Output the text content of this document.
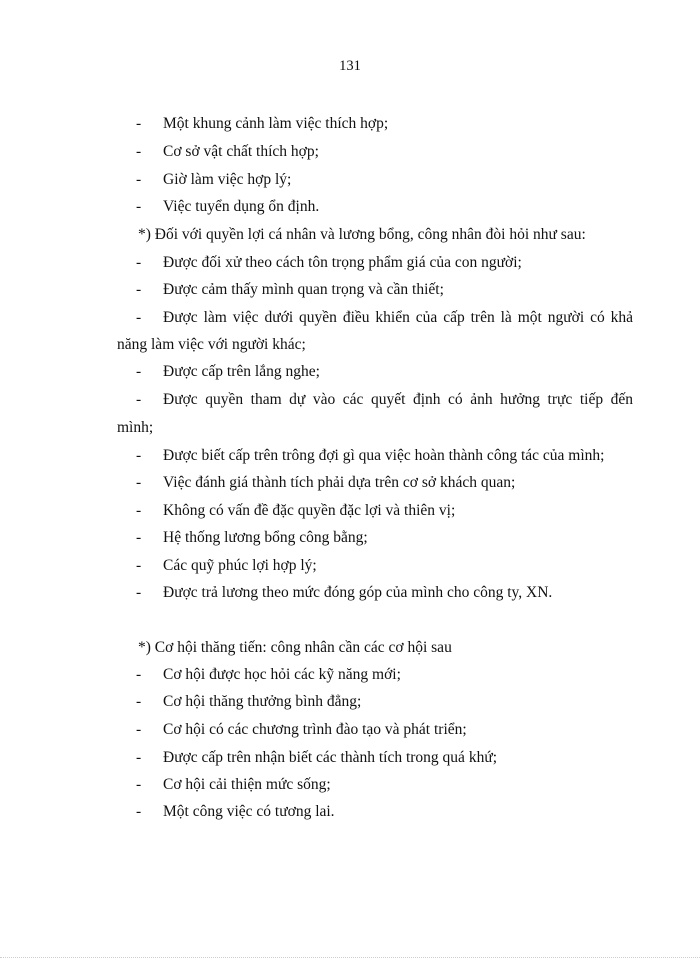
131
- Một khung cảnh làm việc thích hợp;
- Cơ sở vật chất thích hợp;
- Giờ làm việc hợp lý;
- Việc tuyển dụng ổn định.
*) Đối với quyền lợi cá nhân và lương bổng, công nhân đòi hỏi như sau:
- Được đối xử theo cách tôn trọng phẩm giá của con người;
- Được cảm thấy mình quan trọng và cần thiết;
- Được làm việc dưới quyền điều khiển của cấp trên là một người có khả
năng làm việc với người khác;
- Được cấp trên lắng nghe;
- Được quyền tham dự vào các quyết định có ảnh hưởng trực tiếp đến
mình;
- Được biết cấp trên trông đợi gì qua việc hoàn thành công tác của mình;
- Việc đánh giá thành tích phải dựa trên cơ sở khách quan;
- Không có vấn đề đặc quyền đặc lợi và thiên vị;
- Hệ thống lương bổng công bằng;
- Các quỹ phúc lợi hợp lý;
- Được trả lương theo mức đóng góp của mình cho công ty, XN.
*) Cơ hội thăng tiến: công nhân cần các cơ hội sau
- Cơ hội được học hỏi các kỹ năng mới;
- Cơ hội thăng thưởng bình đẳng;
- Cơ hội có các chương trình đào tạo và phát triển;
- Được cấp trên nhận biết các thành tích trong quá khứ;
- Cơ hội cải thiện mức sống;
- Một công việc có tương lai.
